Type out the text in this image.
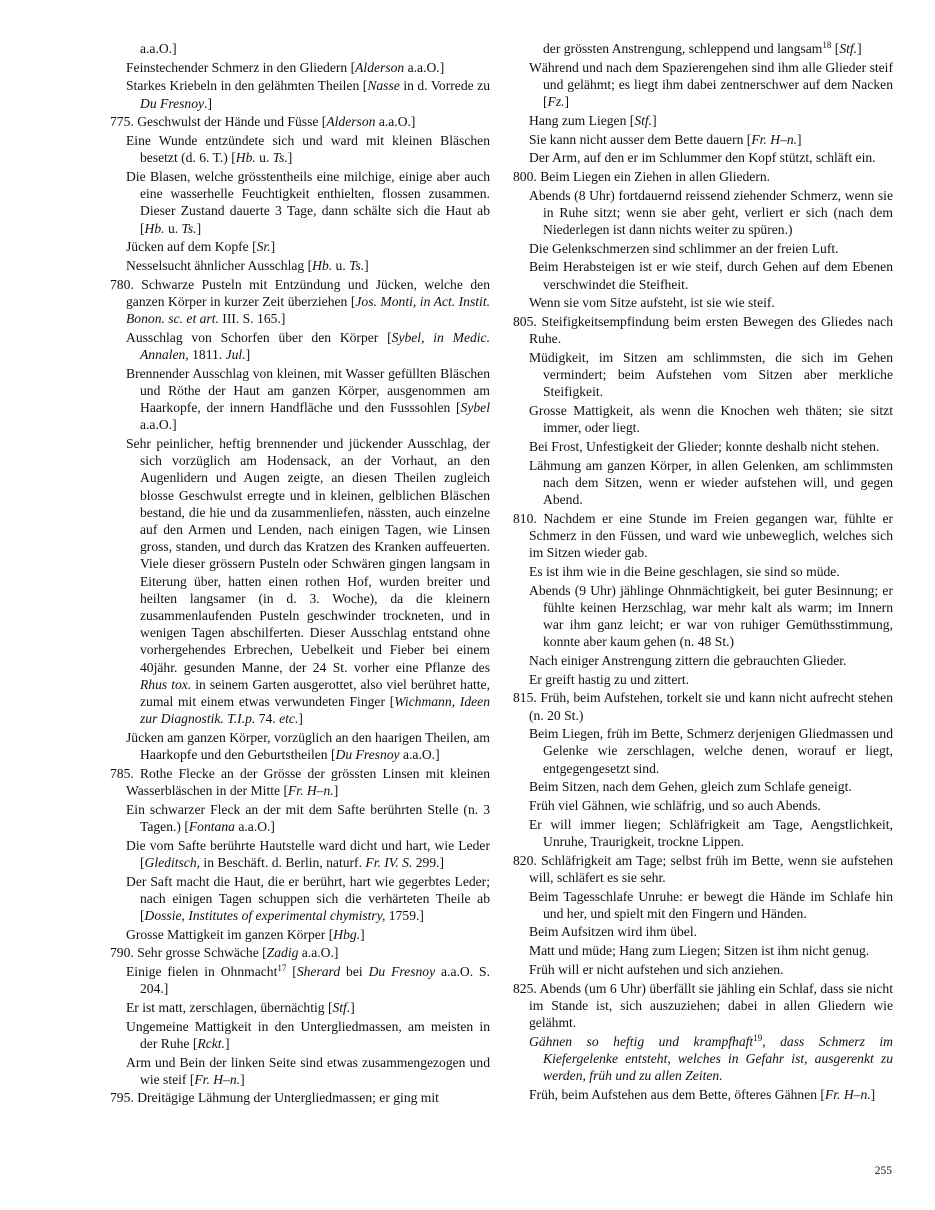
a.a.O.]

Feinstechender Schmerz in den Gliedern [Alderson a.a.O.]

Starkes Kriebeln in den gelähmten Theilen [Nasse in d. Vorrede zu Du Fresnoy.]

775. Geschwulst der Hände und Füsse [Alderson a.a.O.]

Eine Wunde entzündete sich und ward mit kleinen Bläschen besetzt (d. 6. T.) [Hb. u. Ts.]

Die Blasen, welche grösstentheils eine milchige, einige aber auch eine wasserhelle Feuchtigkeit enthielten, flossen zusammen. Dieser Zustand dauerte 3 Tage, dann schälte sich die Haut ab [Hb. u. Ts.]

Jücken auf dem Kopfe [Sr.]

Nesselsucht ähnlicher Ausschlag [Hb. u. Ts.]

780. Schwarze Pusteln mit Entzündung und Jücken, welche den ganzen Körper in kurzer Zeit überziehen [Jos. Monti, in Act. Instit. Bonon. sc. et art. III. S. 165.]

Ausschlag von Schorfen über den Körper [Sybel, in Medic. Annalen, 1811. Jul.]

Brennender Ausschlag von kleinen, mit Wasser gefüllten Bläschen und Röthe der Haut am ganzen Körper, ausgenommen am Haarkopfe, der innern Handfläche und den Fusssohlen [Sybel a.a.O.]

Sehr peinlicher, heftig brennender und jückender Ausschlag, der sich vorzüglich am Hodensack, an der Vorhaut, an den Augenlidern und Augen zeigte, an diesen Theilen zugleich blosse Geschwulst erregte und in kleinen, gelblichen Bläschen bestand, die hie und da zusammenliefen, nässten, auch einzelne auf den Armen und Lenden, nach einigen Tagen, wie Linsen gross, standen, und durch das Kratzen des Kranken auffeuerten. Viele dieser grössern Pusteln oder Schwären gingen langsam in Eiterung über, hatten einen rothen Hof, wurden breiter und heilten langsamer (in d. 3. Woche), da die kleinern zusammenlaufenden Pusteln geschwinder trockneten, und in wenigen Tagen abschilferten. Dieser Ausschlag entstand ohne vorhergehendes Erbrechen, Uebelkeit und Fieber bei einem 40jähr. gesunden Manne, der 24 St. vorher eine Pflanze des Rhus tox. in seinem Garten ausgerottet, also viel berühret hatte, zumal mit einem etwas verwundeten Finger [Wichmann, Ideen zur Diagnostik. T.I.p. 74. etc.]

Jücken am ganzen Körper, vorzüglich an den haarigen Theilen, am Haarkopfe und den Geburtstheilen [Du Fresnoy a.a.O.]

785. Rothe Flecke an der Grösse der grössten Linsen mit kleinen Wasserbläschen in der Mitte [Fr. H–n.]

Ein schwarzer Fleck an der mit dem Safte berührten Stelle (n. 3 Tagen.) [Fontana a.a.O.]

Die vom Safte berührte Hautstelle ward dicht und hart, wie Leder [Gleditsch, in Beschäft. d. Berlin, naturf. Fr. IV. S. 299.]

Der Saft macht die Haut, die er berührt, hart wie gegerbtes Leder; nach einigen Tagen schuppen sich die verhärteten Theile ab [Dossie, Institutes of experimental chymistry, 1759.]

Grosse Mattigkeit im ganzen Körper [Hbg.]

790. Sehr grosse Schwäche [Zadig a.a.O.]

Einige fielen in Ohnmacht$^{17}$ [Sherard bei Du Fresnoy a.a.O. S. 204.]

Er ist matt, zerschlagen, übernächtig [Stf.]

Ungemeine Mattigkeit in den Untergliedmassen, am meisten in der Ruhe [Rckt.]

Arm und Bein der linken Seite sind etwas zusammengezogen und wie steif [Fr. H–n.]

795. Dreitägige Lähmung der Untergliedmassen; er ging mit

der grössten Anstrengung, schleppend und langsam$^{18}$ [Stf.]

Während und nach dem Spazierengehen sind ihm alle Glieder steif und gelähmt; es liegt ihm dabei zentnerschwer auf dem Nacken [Fz.]

Hang zum Liegen [Stf.]

Sie kann nicht ausser dem Bette dauern [Fr. H–n.]

Der Arm, auf den er im Schlummer den Kopf stützt, schläft ein.

800. Beim Liegen ein Ziehen in allen Gliedern.

Abends (8 Uhr) fortdauernd reissend ziehender Schmerz, wenn sie in Ruhe sitzt; wenn sie aber geht, verliert er sich (nach dem Niederlegen ist dann nichts weiter zu spüren.)

Die Gelenkschmerzen sind schlimmer an der freien Luft.

Beim Herabsteigen ist er wie steif, durch Gehen auf dem Ebenen verschwindet die Steifheit.

Wenn sie vom Sitze aufsteht, ist sie wie steif.

805. Steifigkeitsempfindung beim ersten Bewegen des Gliedes nach Ruhe.

Müdigkeit, im Sitzen am schlimmsten, die sich im Gehen vermindert; beim Aufstehen vom Sitzen aber merkliche Steifigkeit.

Grosse Mattigkeit, als wenn die Knochen weh thäten; sie sitzt immer, oder liegt.

Bei Frost, Unfestigkeit der Glieder; konnte deshalb nicht stehen.

Lähmung am ganzen Körper, in allen Gelenken, am schlimmsten nach dem Sitzen, wenn er wieder aufstehen will, und gegen Abend.

810. Nachdem er eine Stunde im Freien gegangen war, fühlte er Schmerz in den Füssen, und ward wie unbeweglich, welches sich im Sitzen wieder gab.

Es ist ihm wie in die Beine geschlagen, sie sind so müde.

Abends (9 Uhr) jählinge Ohnmächtigkeit, bei guter Besinnung; er fühlte keinen Herzschlag, war mehr kalt als warm; im Innern war ihm ganz leicht; er war von ruhiger Gemüthsstimmung, konnte aber kaum gehen (n. 48 St.)

Nach einiger Anstrengung zittern die gebrauchten Glieder.

Er greift hastig zu und zittert.

815. Früh, beim Aufstehen, torkelt sie und kann nicht aufrecht stehen (n. 20 St.)

Beim Liegen, früh im Bette, Schmerz derjenigen Gliedmassen und Gelenke wie zerschlagen, welche denen, worauf er liegt, entgegengesetzt sind.

Beim Sitzen, nach dem Gehen, gleich zum Schlafe geneigt.

Früh viel Gähnen, wie schläfrig, und so auch Abends.

Er will immer liegen; Schläfrigkeit am Tage, Aengstlichkeit, Unruhe, Traurigkeit, trockne Lippen.

820. Schläfrigkeit am Tage; selbst früh im Bette, wenn sie aufstehen will, schläfert es sie sehr.

Beim Tagesschlafe Unruhe: er bewegt die Hände im Schlafe hin und her, und spielt mit den Fingern und Händen.

Beim Aufsitzen wird ihm übel.

Matt und müde; Hang zum Liegen; Sitzen ist ihm nicht genug.

Früh will er nicht aufstehen und sich anziehen.

825. Abends (um 6 Uhr) überfällt sie jähling ein Schlaf, dass sie nicht im Stande ist, sich auszuziehen; dabei in allen Gliedern wie gelähmt.

Gähnen so heftig und krampfhaft$^{19}$, dass Schmerz im Kiefergelenke entsteht, welches in Gefahr ist, ausgerenkt zu werden, früh und zu allen Zeiten.

Früh, beim Aufstehen aus dem Bette, öfteres Gähnen [Fr. H–n.]

255
